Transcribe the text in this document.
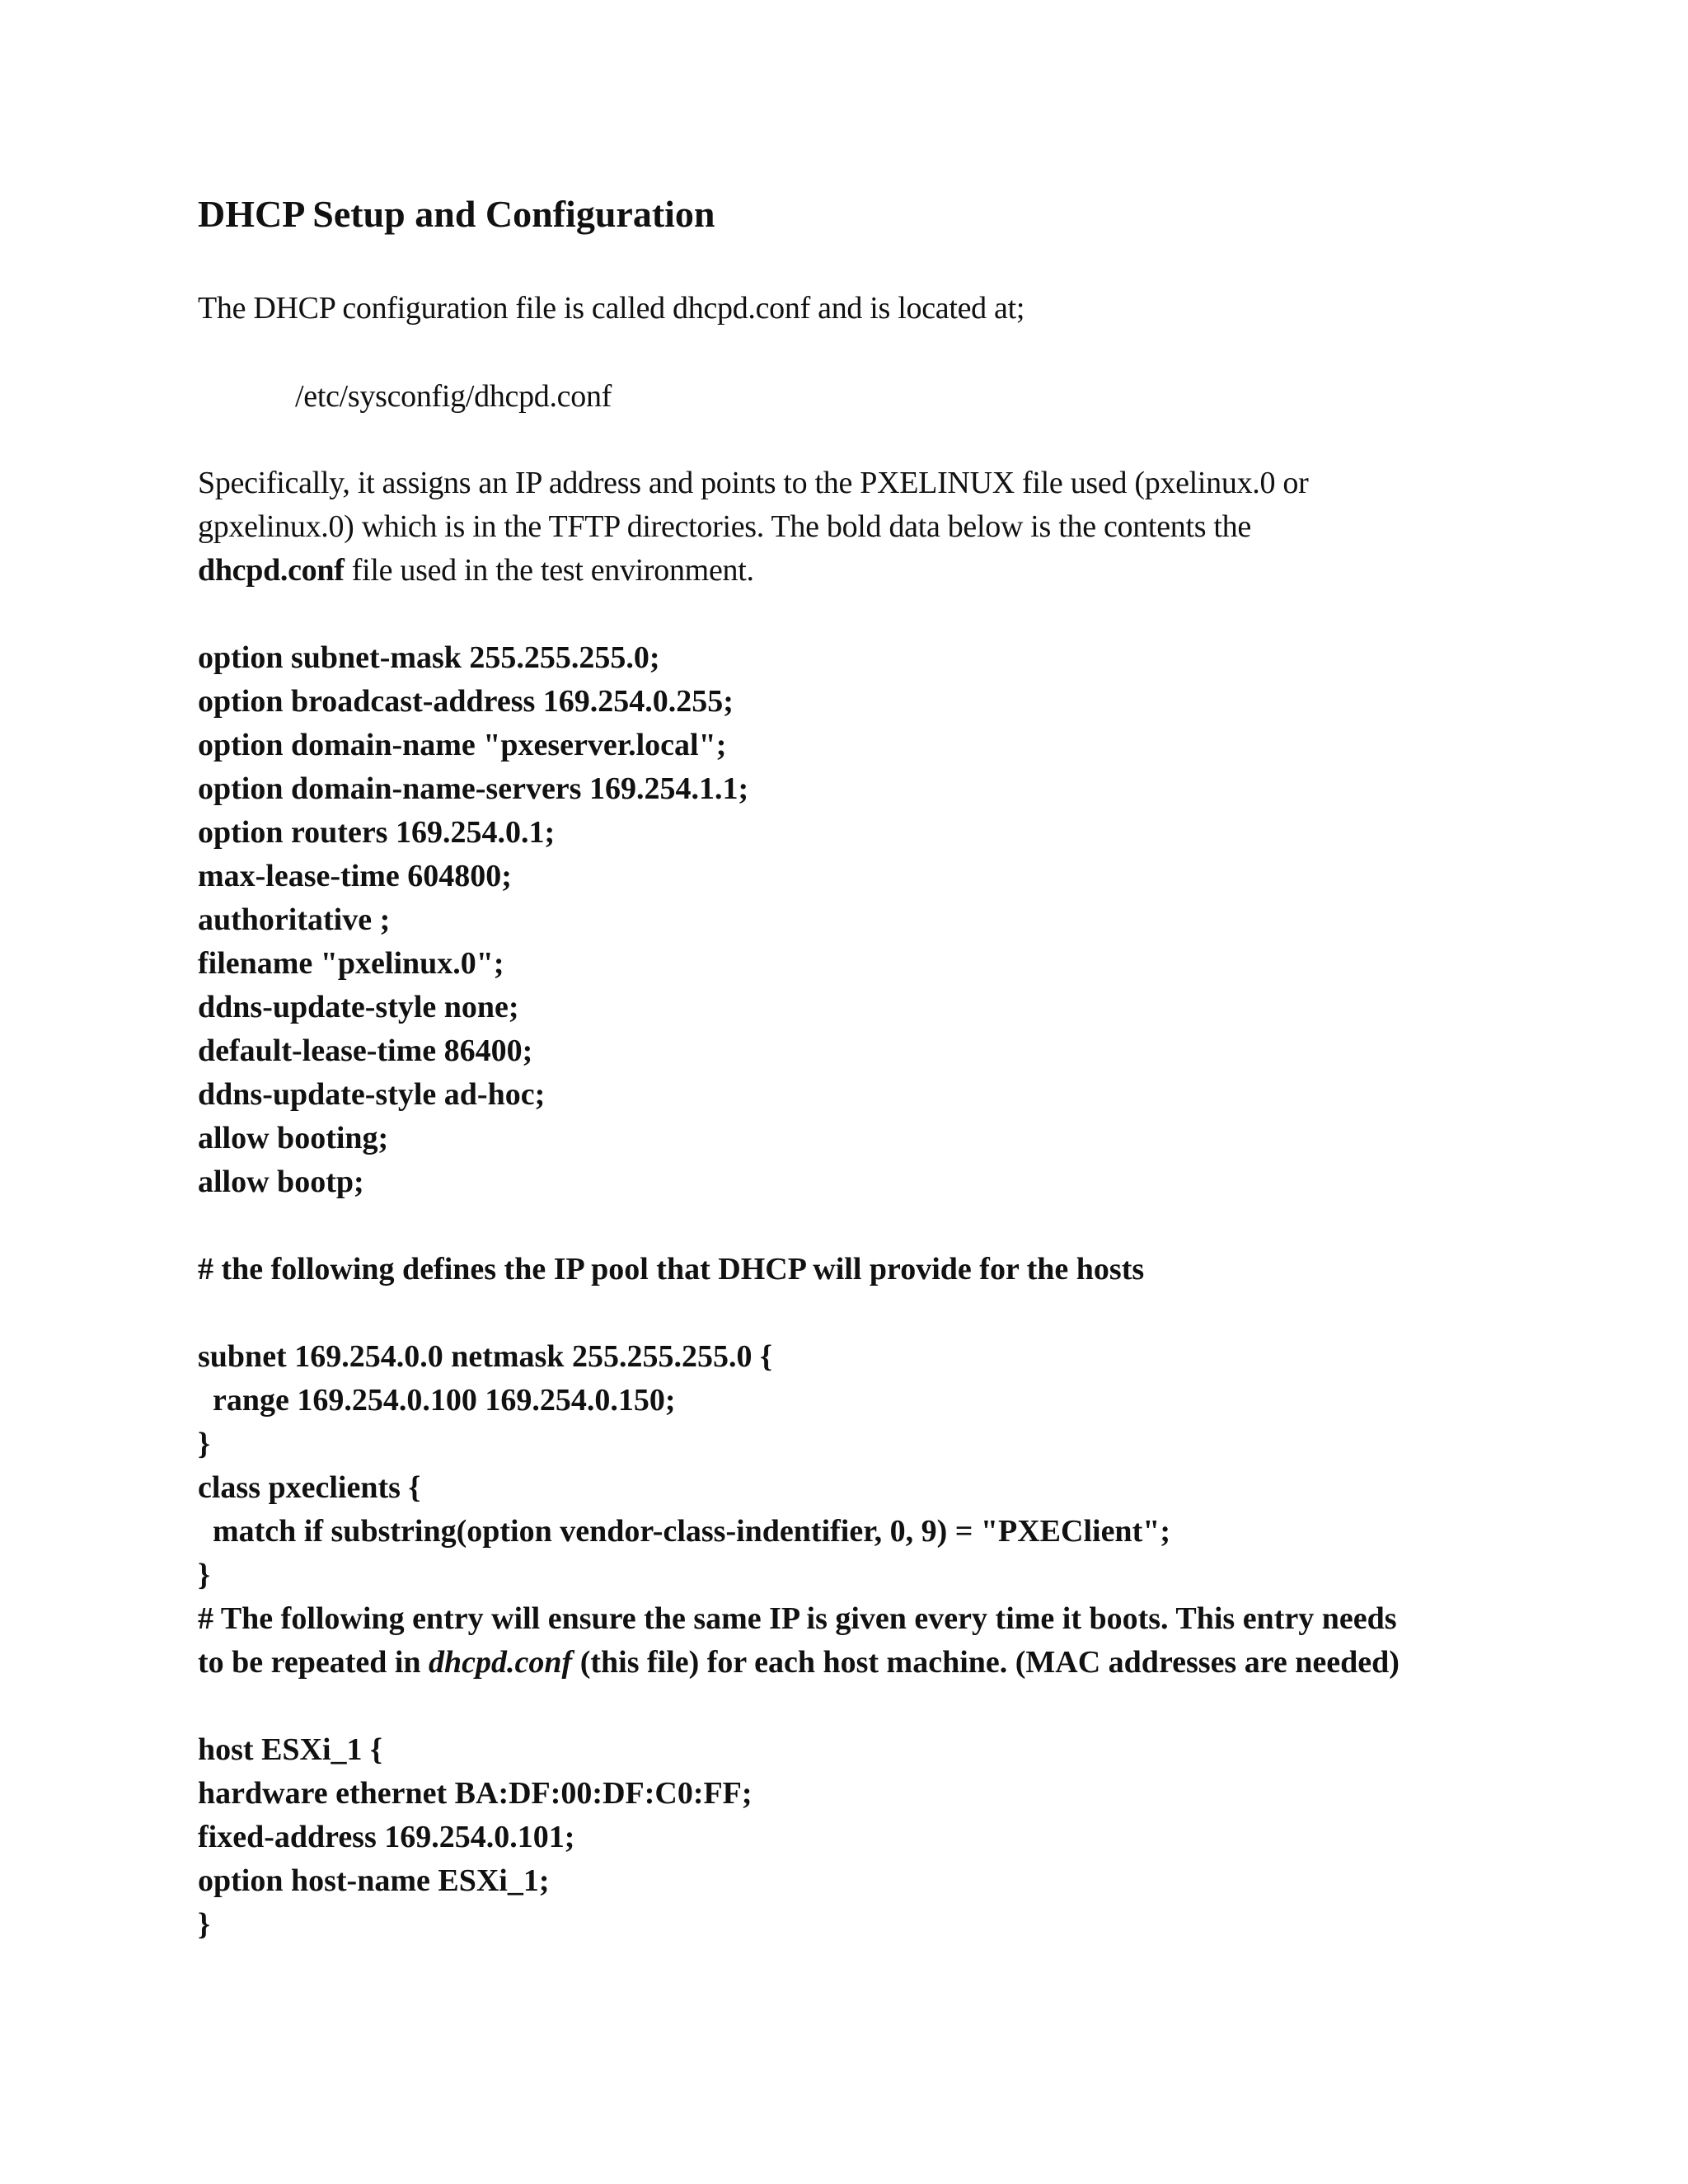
DHCP Setup and Configuration
The DHCP configuration file is called dhcpd.conf and is located at;
/etc/sysconfig/dhcpd.conf
Specifically, it assigns an IP address and points to the PXELINUX file used (pxelinux.0 or
gpxelinux.0) which is in the TFTP directories. The bold data below is the contents the
dhcpd.conf file used in the test environment.
option subnet-mask 255.255.255.0;
option broadcast-address 169.254.0.255;
option domain-name "pxeserver.local";
option domain-name-servers 169.254.1.1;
option routers 169.254.0.1;
max-lease-time 604800;
authoritative ;
filename "pxelinux.0";
ddns-update-style none;
default-lease-time 86400;
ddns-update-style ad-hoc;
allow booting;
allow bootp;
# the following defines the IP pool that DHCP will provide for the hosts
subnet 169.254.0.0 netmask 255.255.255.0 {
range 169.254.0.100 169.254.0.150;
}
class pxeclients {
match if substring(option vendor-class-indentifier, 0, 9) = "PXEClient";
}
# The following entry will ensure the same IP is given every time it boots. This entry needs
to be repeated in dhcpd.conf (this file) for each host machine. (MAC addresses are needed)
host ESXi_1 {
hardware ethernet BA:DF:00:DF:C0:FF;
fixed-address 169.254.0.101;
option host-name ESXi_1;
}
